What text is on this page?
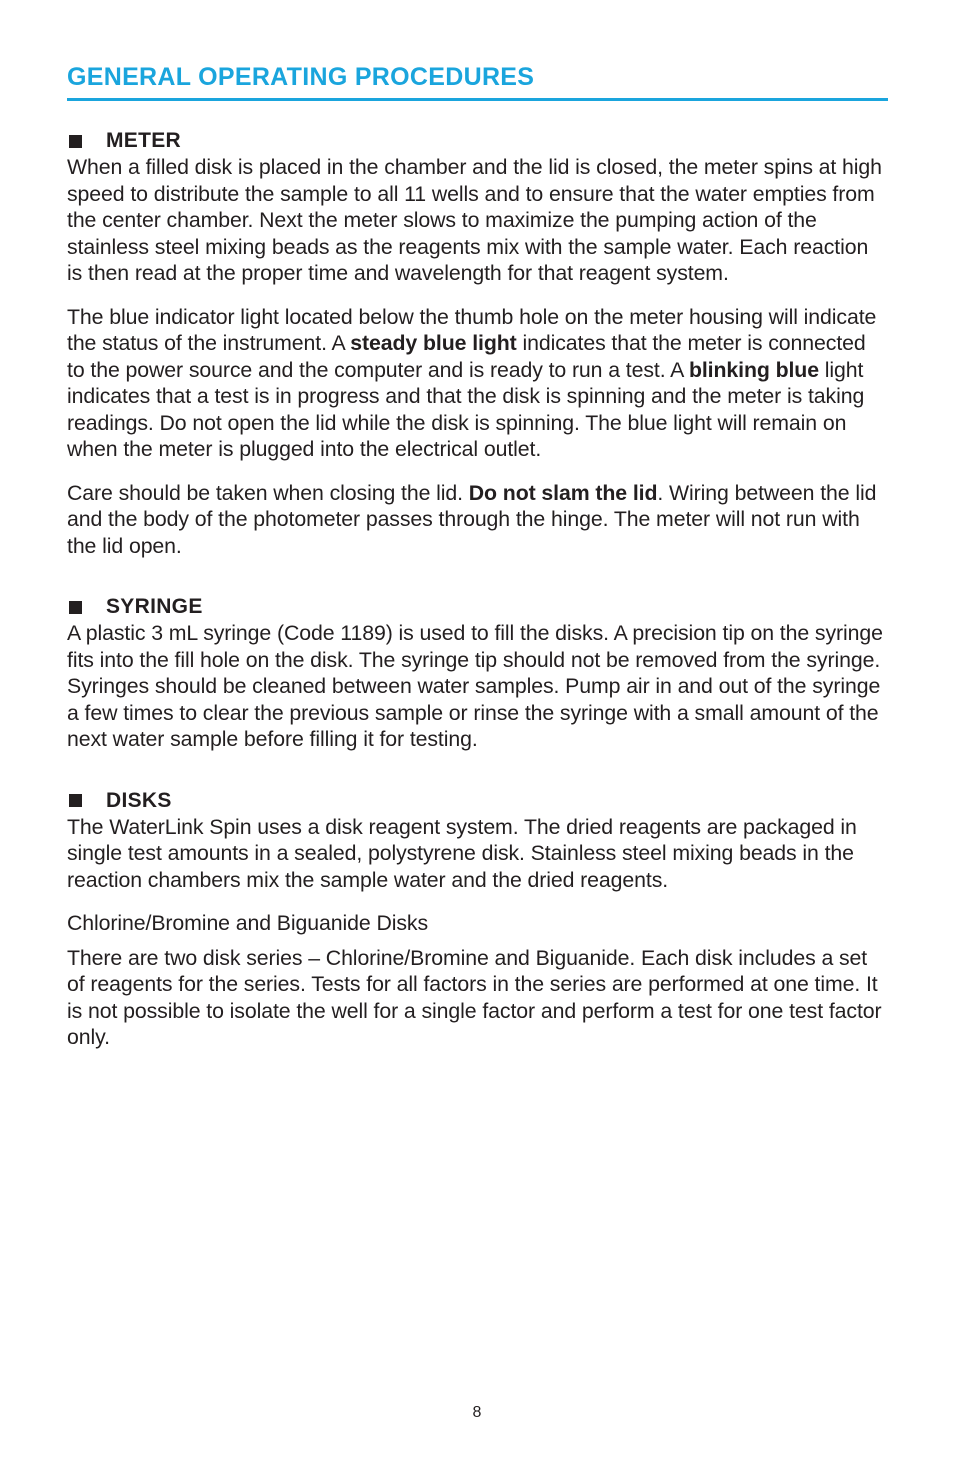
GENERAL OPERATING PROCEDURES
METER

When a filled disk is placed in the chamber and the lid is closed, the meter spins at high speed to distribute the sample to all 11 wells and to ensure that the water empties from the center chamber. Next the meter slows to maximize the pumping action of the stainless steel mixing beads as the reagents mix with the sample water. Each reaction is then read at the proper time and wavelength for that reagent system.

The blue indicator light located below the thumb hole on the meter housing will indicate the status of the instrument. A steady blue light indicates that the meter is connected to the power source and the computer and is ready to run a test. A blinking blue light indicates that a test is in progress and that the disk is spinning and the meter is taking readings. Do not open the lid while the disk is spinning. The blue light will remain on when the meter is plugged into the electrical outlet.

Care should be taken when closing the lid. Do not slam the lid. Wiring between the lid and the body of the photometer passes through the hinge. The meter will not run with the lid open.

SYRINGE

A plastic 3 mL syringe (Code 1189) is used to fill the disks. A precision tip on the syringe fits into the fill hole on the disk. The syringe tip should not be removed from the syringe. Syringes should be cleaned between water samples. Pump air in and out of the syringe a few times to clear the previous sample or rinse the syringe with a small amount of the next water sample before filling it for testing.

DISKS

The WaterLink Spin uses a disk reagent system. The dried reagents are packaged in single test amounts in a sealed, polystyrene disk. Stainless steel mixing beads in the reaction chambers mix the sample water and the dried reagents.

Chlorine/Bromine and Biguanide Disks

There are two disk series – Chlorine/Bromine and Biguanide. Each disk includes a set of reagents for the series. Tests for all factors in the series are performed at one time. It is not possible to isolate the well for a single factor and perform a test for one test factor only.

8
